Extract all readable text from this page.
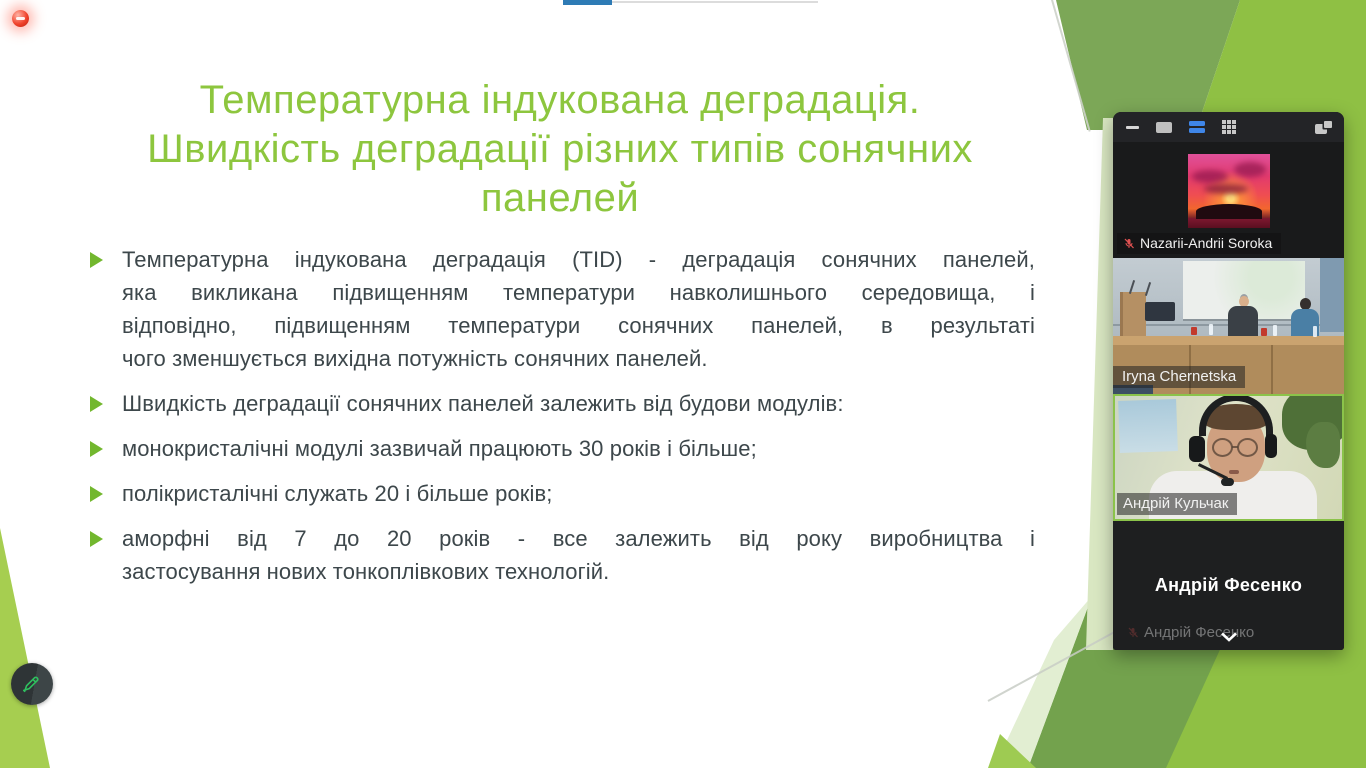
Температурна індукована деградація.
Швидкість деградації різних типів сонячних
панелей
Температурна індукована деградація (TID) - деградація сонячних панелей,
яка викликана підвищенням температури навколишнього середовища, і
відповідно, підвищенням температури сонячних панелей, в результаті
чого зменшується вихідна потужність сонячних панелей.
Швидкість деградації сонячних панелей залежить від будови модулів:
монокристалічні модулі зазвичай працюють 30 років і більше;
полікристалічні служать 20 і більше років;
аморфні від 7 до 20 років - все залежить від року виробництва і
застосування нових тонкоплівкових технологій.
Nazarii-Andrii Soroka
Iryna Chernetska
Андрій Кульчак
Андрій Фесенко
Андрій Фесенко
